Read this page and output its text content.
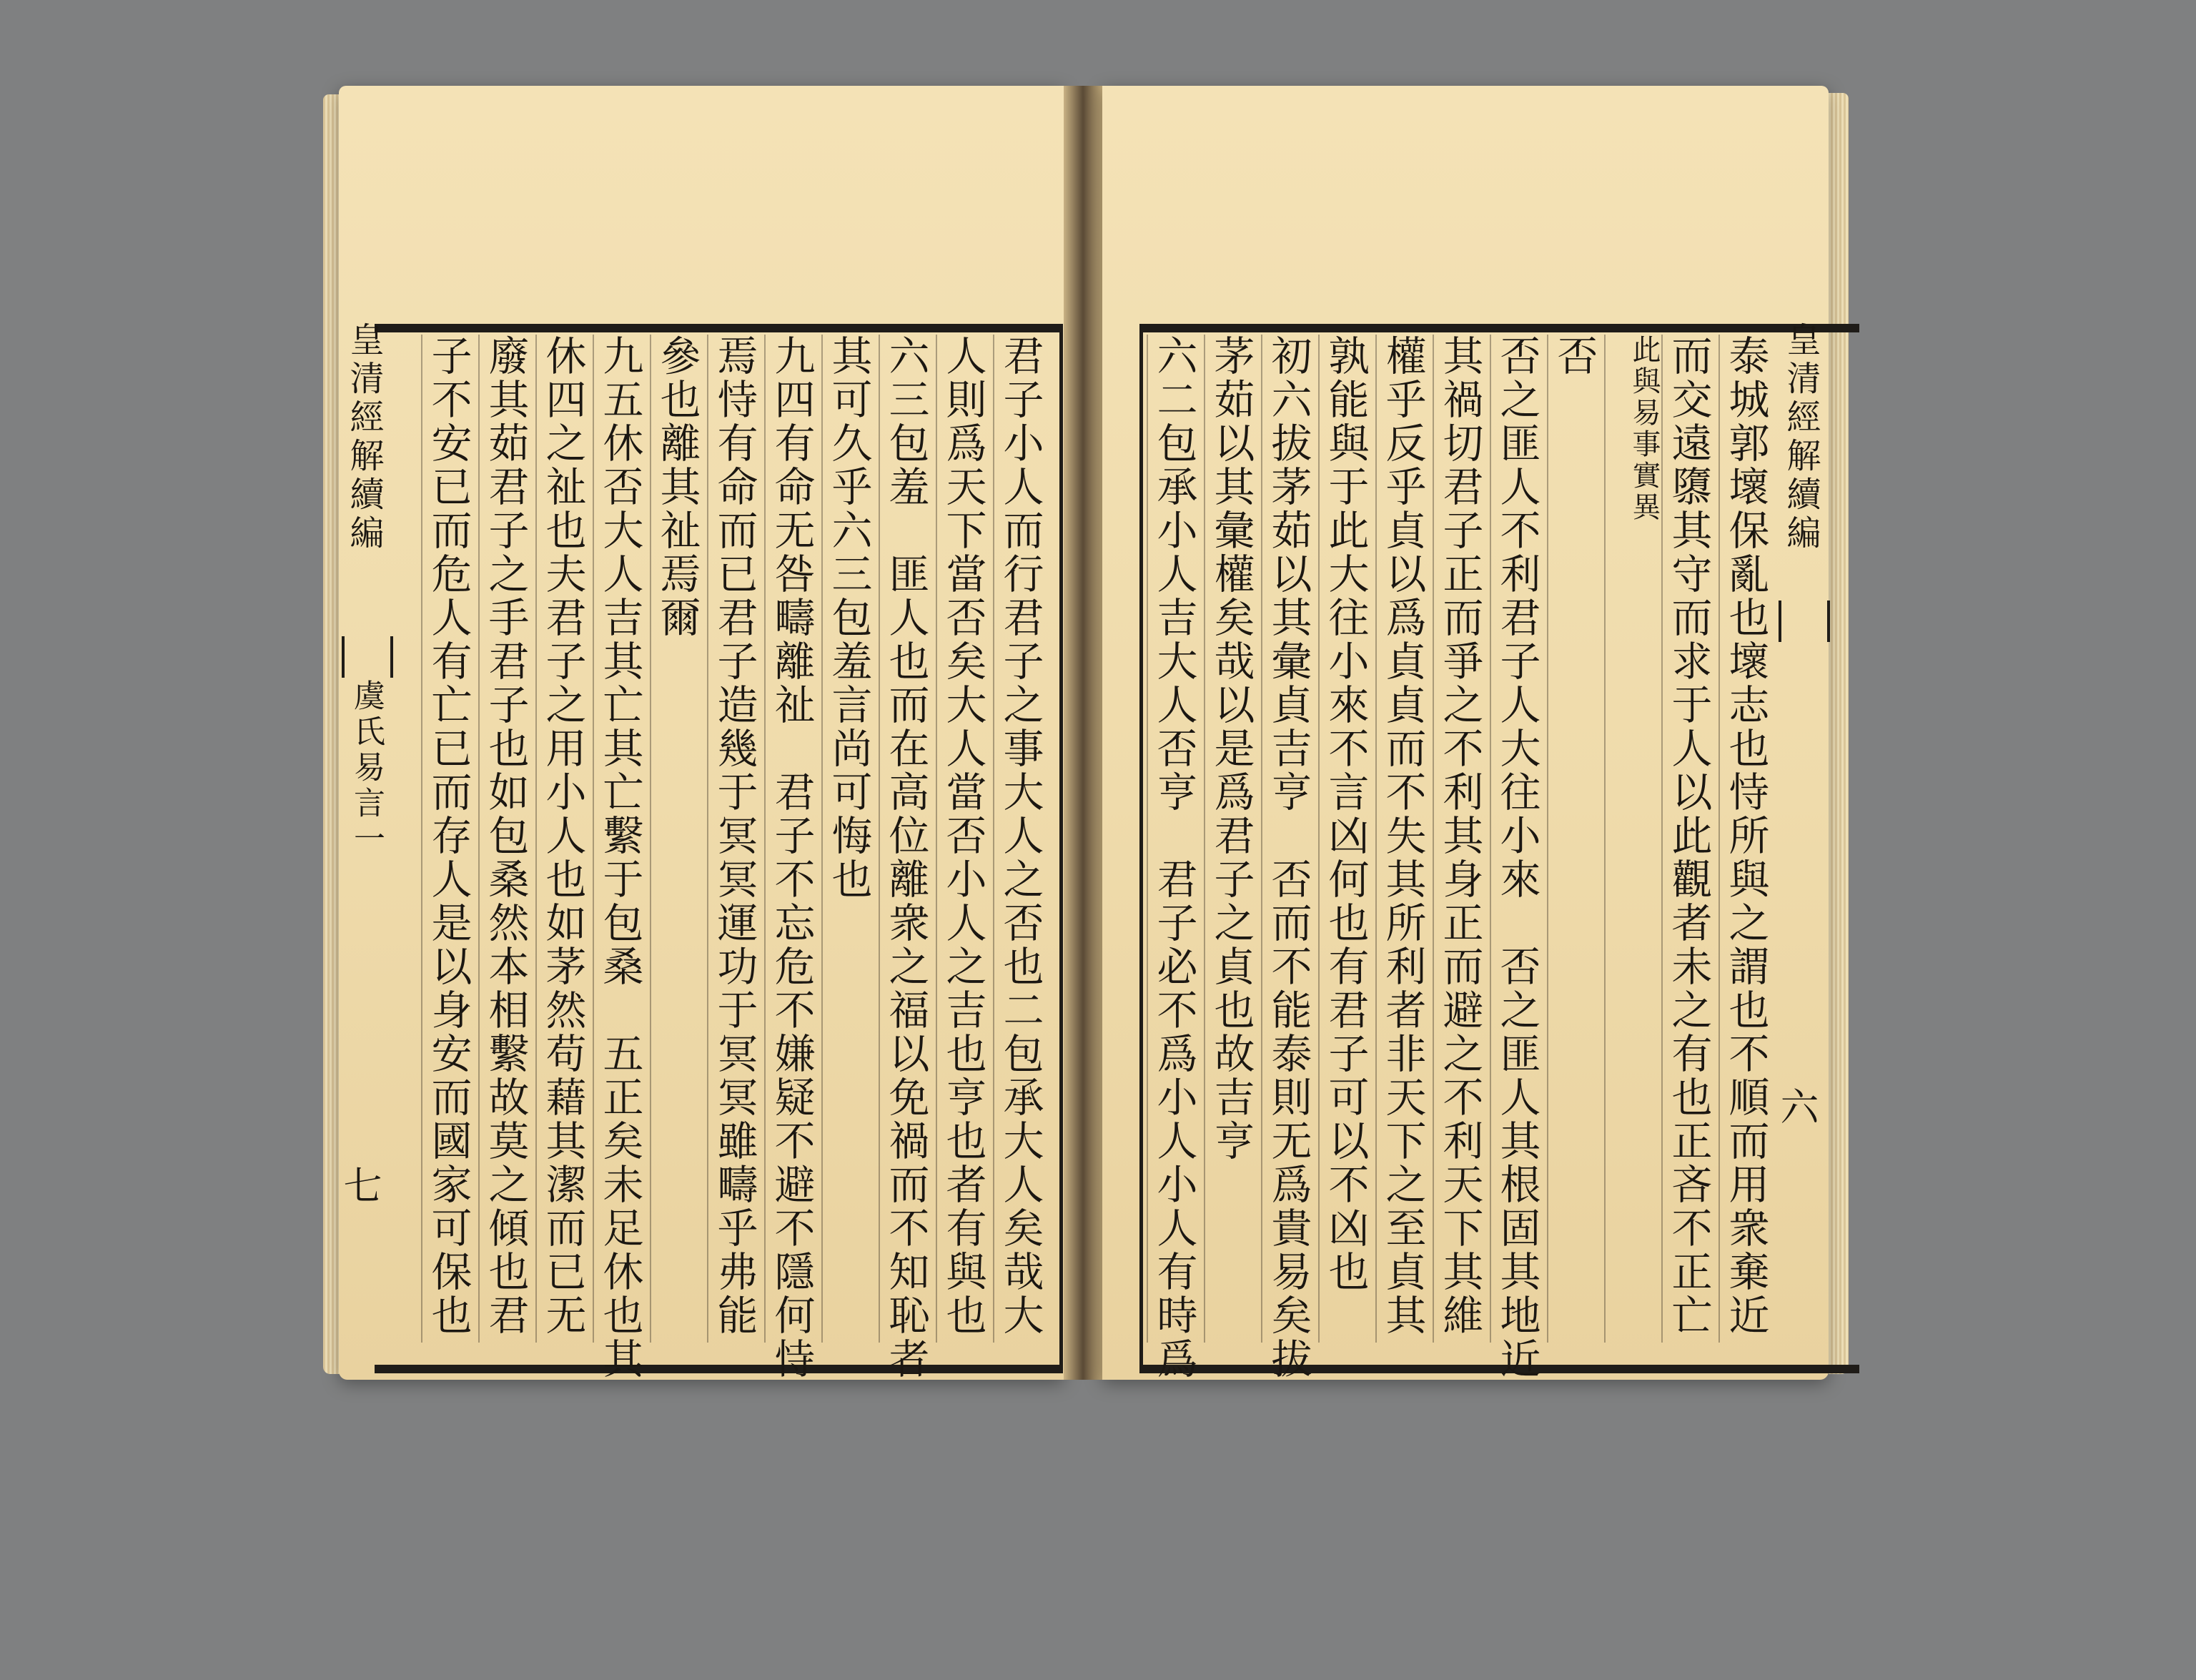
皇清經解續編
虞氏易言一
七	君子小人而行君子之事大人之否也二包承大人矣哉大
人則爲天下當否矣大人當否小人之吉也亨也者有與也
六三包羞　匪人也而在高位離衆之福以免禍而不知恥者
其可久乎六三包羞言尚可悔也
九四有命无咎疇離祉　君子不忘危不嫌疑不避不隱何恃
焉恃有命而已君子造幾于冥冥運功于冥冥雖疇乎弗能
參也離其祉焉爾
九五休否大人吉其亡其亡繫于包桑　五正矣未足休也其
休四之祉也夫君子之用小人也如茅然苟藉其潔而已无
廢其茹君子之手君子也如包桑然本相繫故莫之傾也君
子不安已而危人有亡已而存人是以身安而國家可保也	皇清經解續編
六
泰城郭壞保亂也壞志也恃所與之謂也不順而用衆棄近
而交遠隳其守而求于人以此觀者未之有也正吝不正亡
此與易事實異
否
否之匪人不利君子人大往小來　否之匪人其根固其地近
其禍切君子正而爭之不利其身正而避之不利天下其維
權乎反乎貞以爲貞貞而不失其所利者非天下之至貞其
孰能與于此大往小來不言凶何也有君子可以不凶也
初六拔茅茹以其彙貞吉亨　否而不能泰則无爲貴易矣拔
茅茹以其彙權矣哉以是爲君子之貞也故吉亨
六二包承小人吉大人否亨　君子必不爲小人小人有時爲
